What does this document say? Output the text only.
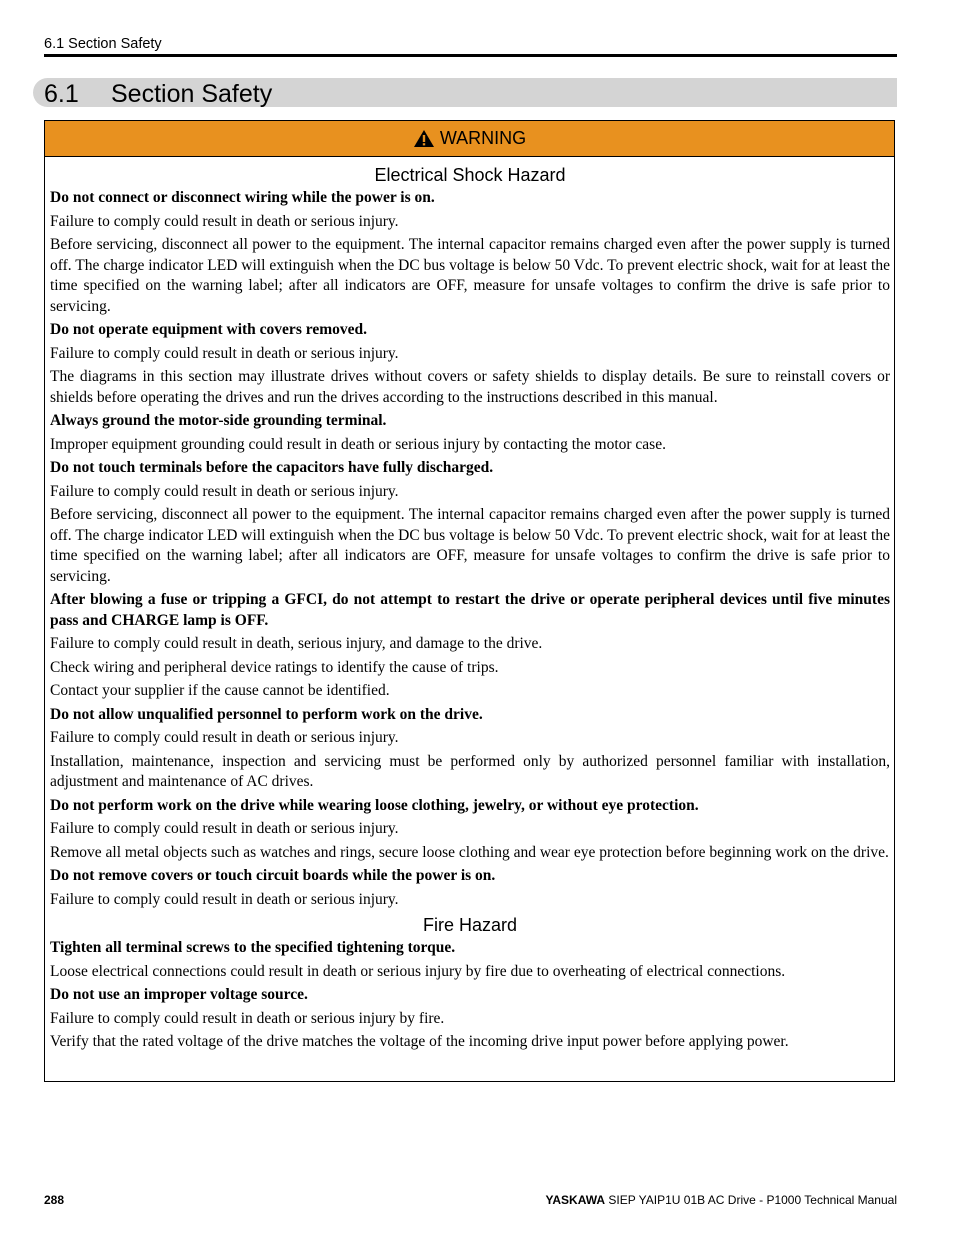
6.1 Section Safety
6.1 Section Safety
WARNING
Electrical Shock Hazard

Do not connect or disconnect wiring while the power is on.

Failure to comply could result in death or serious injury.

Before servicing, disconnect all power to the equipment. The internal capacitor remains charged even after the power supply is turned off. The charge indicator LED will extinguish when the DC bus voltage is below 50 Vdc. To prevent electric shock, wait for at least the time specified on the warning label; after all indicators are OFF, measure for unsafe voltages to confirm the drive is safe prior to servicing.

Do not operate equipment with covers removed.

Failure to comply could result in death or serious injury.

The diagrams in this section may illustrate drives without covers or safety shields to display details. Be sure to reinstall covers or shields before operating the drives and run the drives according to the instructions described in this manual.

Always ground the motor-side grounding terminal.

Improper equipment grounding could result in death or serious injury by contacting the motor case.

Do not touch terminals before the capacitors have fully discharged.

Failure to comply could result in death or serious injury.

Before servicing, disconnect all power to the equipment. The internal capacitor remains charged even after the power supply is turned off. The charge indicator LED will extinguish when the DC bus voltage is below 50 Vdc. To prevent electric shock, wait for at least the time specified on the warning label; after all indicators are OFF, measure for unsafe voltages to confirm the drive is safe prior to servicing.

After blowing a fuse or tripping a GFCI, do not attempt to restart the drive or operate peripheral devices until five minutes pass and CHARGE lamp is OFF.

Failure to comply could result in death, serious injury, and damage to the drive.

Check wiring and peripheral device ratings to identify the cause of trips.

Contact your supplier if the cause cannot be identified.

Do not allow unqualified personnel to perform work on the drive.

Failure to comply could result in death or serious injury.

Installation, maintenance, inspection and servicing must be performed only by authorized personnel familiar with installation, adjustment and maintenance of AC drives.

Do not perform work on the drive while wearing loose clothing, jewelry, or without eye protection.

Failure to comply could result in death or serious injury.

Remove all metal objects such as watches and rings, secure loose clothing and wear eye protection before beginning work on the drive.

Do not remove covers or touch circuit boards while the power is on.

Failure to comply could result in death or serious injury.

Fire Hazard

Tighten all terminal screws to the specified tightening torque.

Loose electrical connections could result in death or serious injury by fire due to overheating of electrical connections.

Do not use an improper voltage source.

Failure to comply could result in death or serious injury by fire.

Verify that the rated voltage of the drive matches the voltage of the incoming drive input power before applying power.

288	YASKAWA SIEP YAIP1U 01B AC Drive - P1000 Technical Manual
